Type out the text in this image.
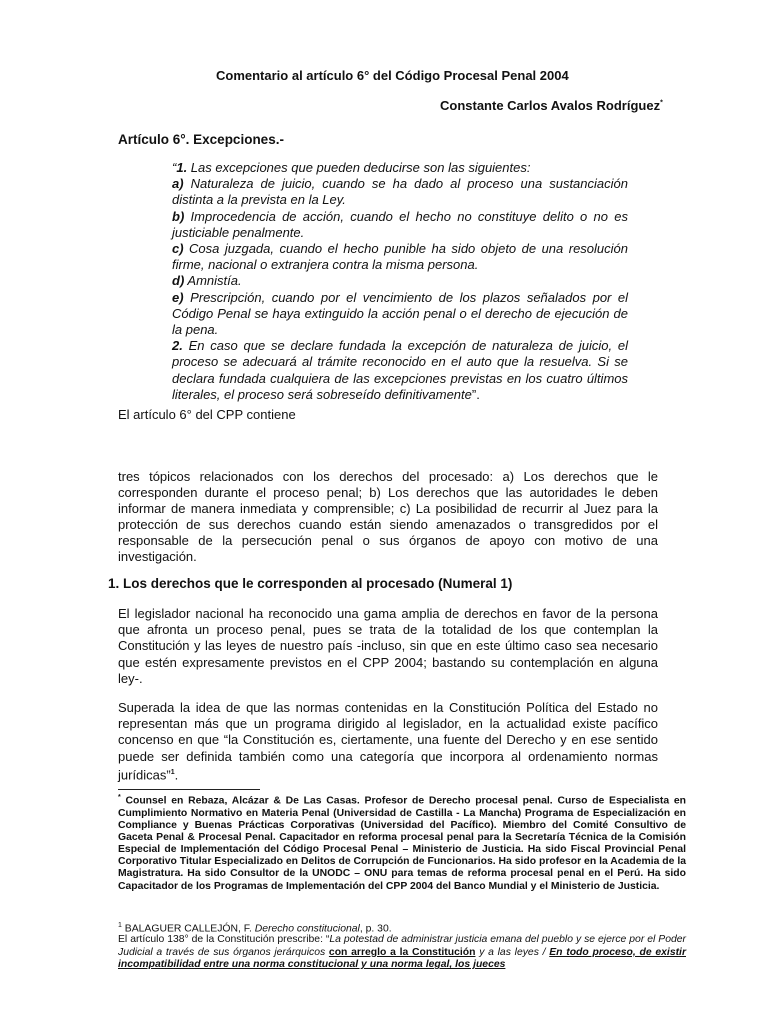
Comentario al artículo 6° del Código Procesal Penal 2004
Constante Carlos Avalos Rodríguez*
Artículo 6°. Excepciones.-

“1. Las excepciones que pueden deducirse son las siguientes:

a) Naturaleza de juicio, cuando se ha dado al proceso una sustanciación distinta a la prevista en la Ley.

b) Improcedencia de acción, cuando el hecho no constituye delito o no es justiciable penalmente.

c) Cosa juzgada, cuando el hecho punible ha sido objeto de una resolución firme, nacional o extranjera contra la misma persona.

d) Amnistía.

e) Prescripción, cuando por el vencimiento de los plazos señalados por el Código Penal se haya extinguido la acción penal o el derecho de ejecución de la pena.

2. En caso que se declare fundada la excepción de naturaleza de juicio, el proceso se adecuará al trámite reconocido en el auto que la resuelva. Si se declara fundada cualquiera de las excepciones previstas en los cuatro últimos literales, el proceso será sobreseído definitivamente”.

El artículo 6° del CPP contiene
tres tópicos relacionados con los derechos del procesado: a) Los derechos que le corresponden durante el proceso penal; b) Los derechos que las autoridades le deben informar de manera inmediata y comprensible; c) La posibilidad de recurrir al Juez para la protección de sus derechos cuando están siendo amenazados o transgredidos por el responsable de la persecución penal o sus órganos de apoyo con motivo de una investigación.
1. Los derechos que le corresponden al procesado (Numeral 1)
El legislador nacional ha reconocido una gama amplia de derechos en favor de la persona que afronta un proceso penal, pues se trata de la totalidad de los que contemplan la Constitución y las leyes de nuestro país -incluso, sin que en este último caso sea necesario que estén expresamente previstos en el CPP 2004; bastando su contemplación en alguna ley-.
Superada la idea de que las normas contenidas en la Constitución Política del Estado no representan más que un programa dirigido al legislador, en la actualidad existe pacífico concenso en que “la Constitución es, ciertamente, una fuente del Derecho y en ese sentido puede ser definida también como una categoría que incorpora al ordenamiento normas jurídicas”$^1$.
* Counsel en Rebaza, Alcázar & De Las Casas. Profesor de Derecho procesal penal. Curso de Especialista en Cumplimiento Normativo en Materia Penal (Universidad de Castilla - La Mancha) Programa de Especialización en Compliance y Buenas Prácticas Corporativas (Universidad del Pacífico). Miembro del Comité Consultivo de Gaceta Penal & Procesal Penal. Capacitador en reforma procesal penal para la Secretaría Técnica de la Comisión Especial de Implementación del Código Procesal Penal – Ministerio de Justicia. Ha sido Fiscal Provincial Penal Corporativo Titular Especializado en Delitos de Corrupción de Funcionarios. Ha sido profesor en la Academia de la Magistratura. Ha sido Consultor de la UNODC – ONU para temas de reforma procesal penal en el Perú. Ha sido Capacitador de los Programas de Implementación del CPP 2004 del Banco Mundial y el Ministerio de Justicia.
$^1$ BALAGUER CALLEJÓN, F. Derecho constitucional, p. 30.
El artículo 138° de la Constitución prescribe: “La potestad de administrar justicia emana del pueblo y se ejerce por el Poder Judicial a través de sus órganos jerárquicos con arreglo a la Constitución y a las leyes / En todo proceso, de existir incompatibilidad entre una norma constitucional y una norma legal, los jueces
